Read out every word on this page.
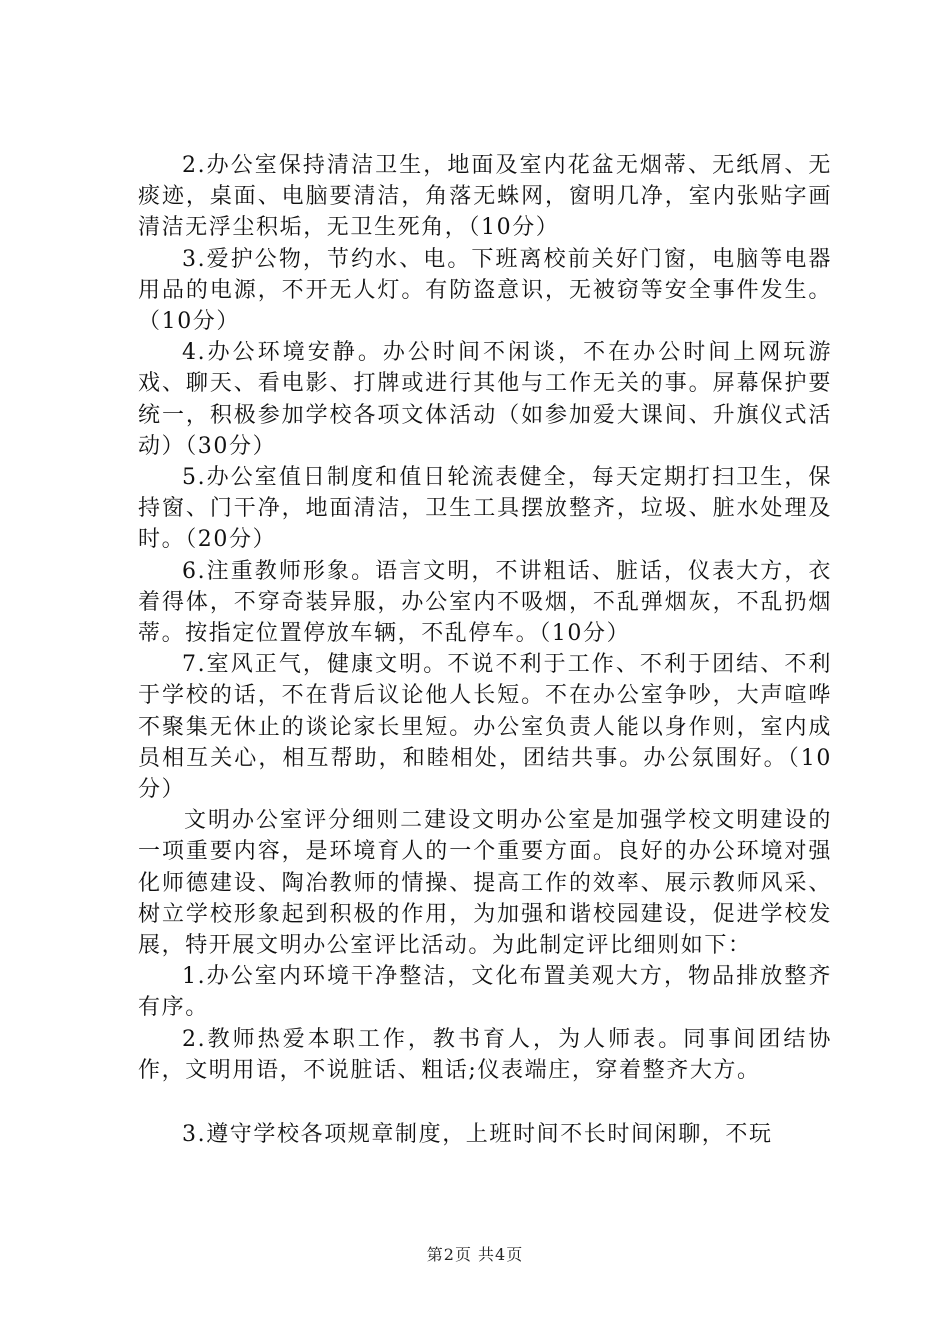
2.办公室保持清洁卫生，地面及室内花盆无烟蒂、无纸屑、无痰迹，桌面、电脑要清洁，角落无蛛网，窗明几净，室内张贴字画清洁无浮尘积垢，无卫生死角，（10分）

3.爱护公物，节约水、电。下班离校前关好门窗，电脑等电器用品的电源，不开无人灯。有防盗意识，无被窃等安全事件发生。（10分）

4.办公环境安静。办公时间不闲谈，不在办公时间上网玩游戏、聊天、看电影、打牌或进行其他与工作无关的事。屏幕保护要统一，积极参加学校各项文体活动（如参加爱大课间、升旗仪式活动）（30分）

5.办公室值日制度和值日轮流表健全，每天定期打扫卫生，保持窗、门干净，地面清洁，卫生工具摆放整齐，垃圾、脏水处理及时。（20分）

6.注重教师形象。语言文明，不讲粗话、脏话，仪表大方，衣着得体，不穿奇装异服，办公室内不吸烟，不乱弹烟灰，不乱扔烟蒂。按指定位置停放车辆，不乱停车。（10分）

7.室风正气，健康文明。不说不利于工作、不利于团结、不利于学校的话，不在背后议论他人长短。不在办公室争吵，大声喧哗不聚集无休止的谈论家长里短。办公室负责人能以身作则，室内成员相互关心，相互帮助，和睦相处，团结共事。办公氛围好。（10分）

文明办公室评分细则二建设文明办公室是加强学校文明建设的一项重要内容，是环境育人的一个重要方面。良好的办公环境对强化师德建设、陶冶教师的情操、提高工作的效率、展示教师风采、树立学校形象起到积极的作用，为加强和谐校园建设，促进学校发展，特开展文明办公室评比活动。为此制定评比细则如下：

1.办公室内环境干净整洁，文化布置美观大方，物品排放整齐有序。

2.教师热爱本职工作，教书育人，为人师表。同事间团结协作，文明用语，不说脏话、粗话;仪表端庄，穿着整齐大方。

3.遵守学校各项规章制度，上班时间不长时间闲聊，不玩

第2页 共4页
